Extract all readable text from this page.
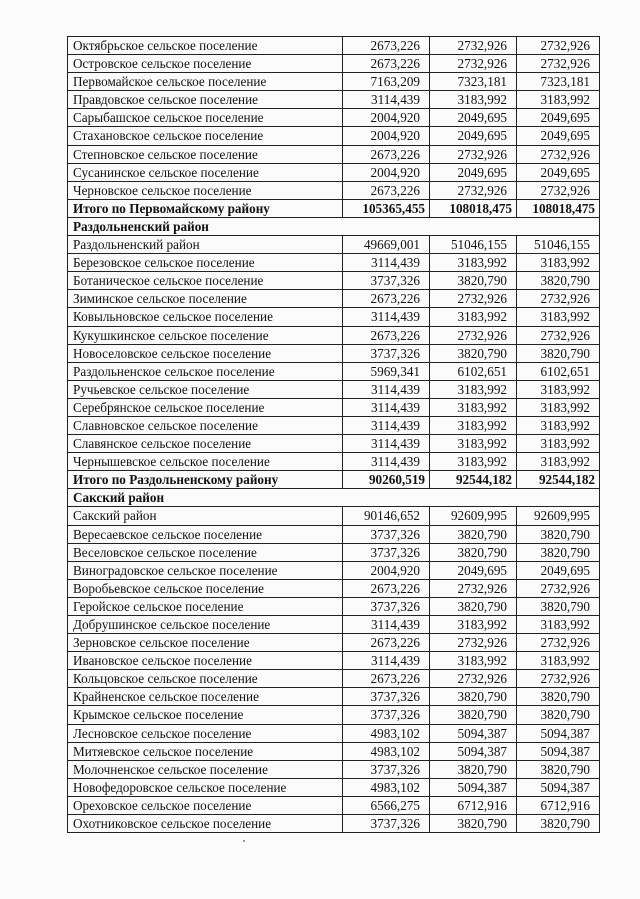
Октябрьское сельское поселение	2673,226	2732,926	2732,926
Островское сельское поселение	2673,226	2732,926	2732,926
Первомайское сельское поселение	7163,209	7323,181	7323,181
Правдовское сельское поселение	3114,439	3183,992	3183,992
Сарыбашское сельское поселение	2004,920	2049,695	2049,695
Стахановское сельское поселение	2004,920	2049,695	2049,695
Степновское сельское поселение	2673,226	2732,926	2732,926
Сусанинское сельское поселение	2004,920	2049,695	2049,695
Черновское сельское поселение	2673,226	2732,926	2732,926
Итого по Первомайскому району	105365,455	108018,475	108018,475
Раздольненский район			
Раздольненский район	49669,001	51046,155	51046,155
Березовское сельское поселение	3114,439	3183,992	3183,992
Ботаническое сельское поселение	3737,326	3820,790	3820,790
Зиминское сельское поселение	2673,226	2732,926	2732,926
Ковыльновское сельское поселение	3114,439	3183,992	3183,992
Кукушкинское сельское поселение	2673,226	2732,926	2732,926
Новоселовское сельское поселение	3737,326	3820,790	3820,790
Раздольненское сельское поселение	5969,341	6102,651	6102,651
Ручьевское сельское поселение	3114,439	3183,992	3183,992
Серебрянское сельское поселение	3114,439	3183,992	3183,992
Славновское сельское поселение	3114,439	3183,992	3183,992
Славянское сельское поселение	3114,439	3183,992	3183,992
Чернышевское сельское поселение	3114,439	3183,992	3183,992
Итого по Раздольненскому району	90260,519	92544,182	92544,182
Сакский район			
Сакский район	90146,652	92609,995	92609,995
Вересаевское сельское поселение	3737,326	3820,790	3820,790
Веселовское сельское поселение	3737,326	3820,790	3820,790
Виноградовское сельское поселение	2004,920	2049,695	2049,695
Воробьевское сельское поселение	2673,226	2732,926	2732,926
Геройское сельское поселение	3737,326	3820,790	3820,790
Добрушинское сельское поселение	3114,439	3183,992	3183,992
Зерновское сельское поселение	2673,226	2732,926	2732,926
Ивановское сельское поселение	3114,439	3183,992	3183,992
Кольцовское сельское поселение	2673,226	2732,926	2732,926
Крайненское сельское поселение	3737,326	3820,790	3820,790
Крымское сельское поселение	3737,326	3820,790	3820,790
Лесновское сельское поселение	4983,102	5094,387	5094,387
Митяевское сельское поселение	4983,102	5094,387	5094,387
Молочненское сельское поселение	3737,326	3820,790	3820,790
Новофедоровское сельское поселение	4983,102	5094,387	5094,387
Ореховское сельское поселение	6566,275	6712,916	6712,916
Охотниковское сельское поселение	3737,326	3820,790	3820,790
